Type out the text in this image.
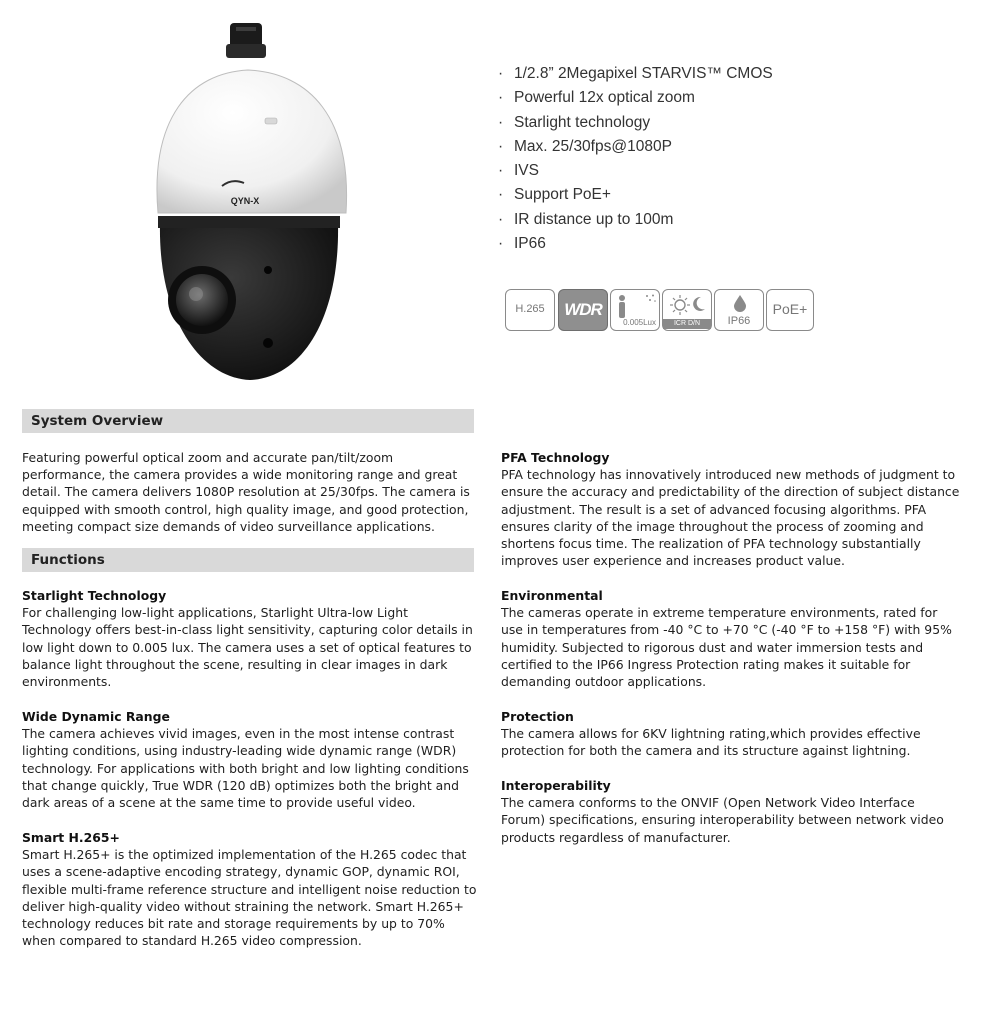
QYN-X
· 1/2.8” 2Megapixel STARVIS™ CMOS
· Powerful 12x optical zoom
· Starlight technology
· Max. 25/30fps@1080P
· IVS
· Support PoE+
· IR distance up to 100m
· IP66
H.265	WDR
0.005Lux	ICR D/N	IP66
PoE+
System Overview

Featuring powerful optical zoom and accurate pan/tilt/zoom performance, the camera provides a wide monitoring range and great detail. The camera delivers 1080P resolution at 25/30fps. The camera is equipped with smooth control, high quality image, and good protection, meeting compact size demands of video surveillance applications.

Functions

Starlight Technology

For challenging low-light applications, Starlight Ultra-low Light Technology offers best-in-class light sensitivity, capturing color details in low light down to 0.005 lux. The camera uses a set of optical features to balance light throughout the scene, resulting in clear images in dark environments.

Wide Dynamic Range

The camera achieves vivid images, even in the most intense contrast lighting conditions, using industry-leading wide dynamic range (WDR) technology. For applications with both bright and low lighting conditions that change quickly, True WDR (120 dB) optimizes both the bright and dark areas of a scene at the same time to provide useful video.

Smart H.265+

Smart H.265+ is the optimized implementation of the H.265 codec that uses a scene-adaptive encoding strategy, dynamic GOP, dynamic ROI, flexible multi-frame reference structure and intelligent noise reduction to deliver high-quality video without straining the network. Smart H.265+ technology reduces bit rate and storage requirements by up to 70% when compared to standard H.265 video compression.

PFA Technology

PFA technology has innovatively introduced new methods of judgment to ensure the accuracy and predictability of the direction of subject distance adjustment. The result is a set of advanced focusing algorithms. PFA ensures clarity of the image throughout the process of zooming and shortens focus time. The realization of PFA technology substantially improves user experience and increases product value.

Environmental

The cameras operate in extreme temperature environments, rated for use in temperatures from -40 °C to +70 °C (-40 °F to +158 °F) with 95% humidity. Subjected to rigorous dust and water immersion tests and certified to the IP66 Ingress Protection rating makes it suitable for demanding outdoor applications.

Protection

The camera allows for 6KV lightning rating,which provides effective protection for both the camera and its structure against lightning.

Interoperability

The camera conforms to the ONVIF (Open Network Video Interface Forum) specifications, ensuring interoperability between network video products regardless of manufacturer.
